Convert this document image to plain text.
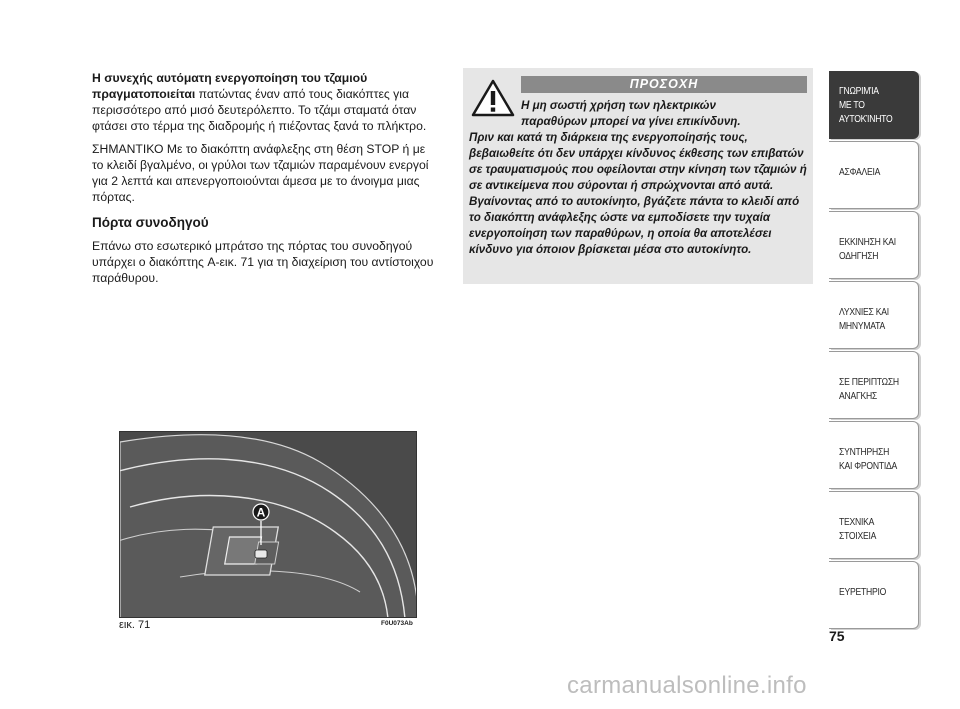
Η συνεχής αυτόματη ενεργοποίηση του τζαμιού πραγματοποιείται πατώντας έναν από τους διακόπτες για περισσότερο από μισό δευτερόλεπτο. Το τζάμι σταματά όταν φτάσει στο τέρμα της διαδρομής ή πιέζοντας ξανά το πλήκτρο.

ΣΗΜΑΝΤΙΚΟ Με το διακόπτη ανάφλεξης στη θέση STOP ή με το κλειδί βγαλμένο, οι γρύλοι των τζαμιών παραμένουν ενεργοί για 2 λεπτά και απενεργοποιούνται άμεσα με το άνοιγμα μιας πόρτας.

Πόρτα συνοδηγού

Επάνω στο εσωτερικό μπράτσο της πόρτας του συνοδηγού υπάρχει ο διακόπτης A-εικ. 71 για τη διαχείριση του αντίστοιχου παράθυρου.

ΠΡΟΣΟΧΗ
Η μη σωστή χρήση των ηλεκτρικών
παραθύρων μπορεί να γίνει επικίνδυνη.
Πριν και κατά τη διάρκεια της ενεργοποίησής τους, βεβαιωθείτε ότι δεν υπάρχει κίνδυνος έκθεσης των επιβατών σε τραυματισμούς που οφείλονται στην κίνηση των τζαμιών ή σε αντικείμενα που σύρονται ή σπρώχνονται από αυτά. Βγαίνοντας από το αυτοκίνητο, βγάζετε πάντα το κλειδί από το διακόπτη ανάφλεξης ώστε να εμποδίσετε την τυχαία ενεργοποίηση των παραθύρων, η οποία θα αποτελέσει κίνδυνο για όποιον βρίσκεται μέσα στο αυτοκίνητο.
A
εικ. 71	F0U073Ab
ΓΝΩΡΙΜΊΑ
ΜΕ ΤΟ
ΑΥΤΟΚΊΝΗΤΟ
ΑΣΦΑΛΕΙΑ
ΕΚΚΙΝΗΣΗ ΚΑΙ
ΟΔΗΓΗΣΗ
ΛΥΧΝΙΕΣ ΚΑΙ
ΜΗΝΥΜΑΤΑ
ΣΕ ΠΕΡΙΠΤΩΣΗ
ΑΝΑΓΚΗΣ
ΣΥΝΤΗΡΗΣΗ
ΚΑΙ ΦΡΟΝΤΙΔΑ
ΤΕΧΝΙΚΑ
ΣΤΟΙΧΕΙΑ
ΕΥΡΕΤΗΡΙΟ
75
carmanualsonline.info
